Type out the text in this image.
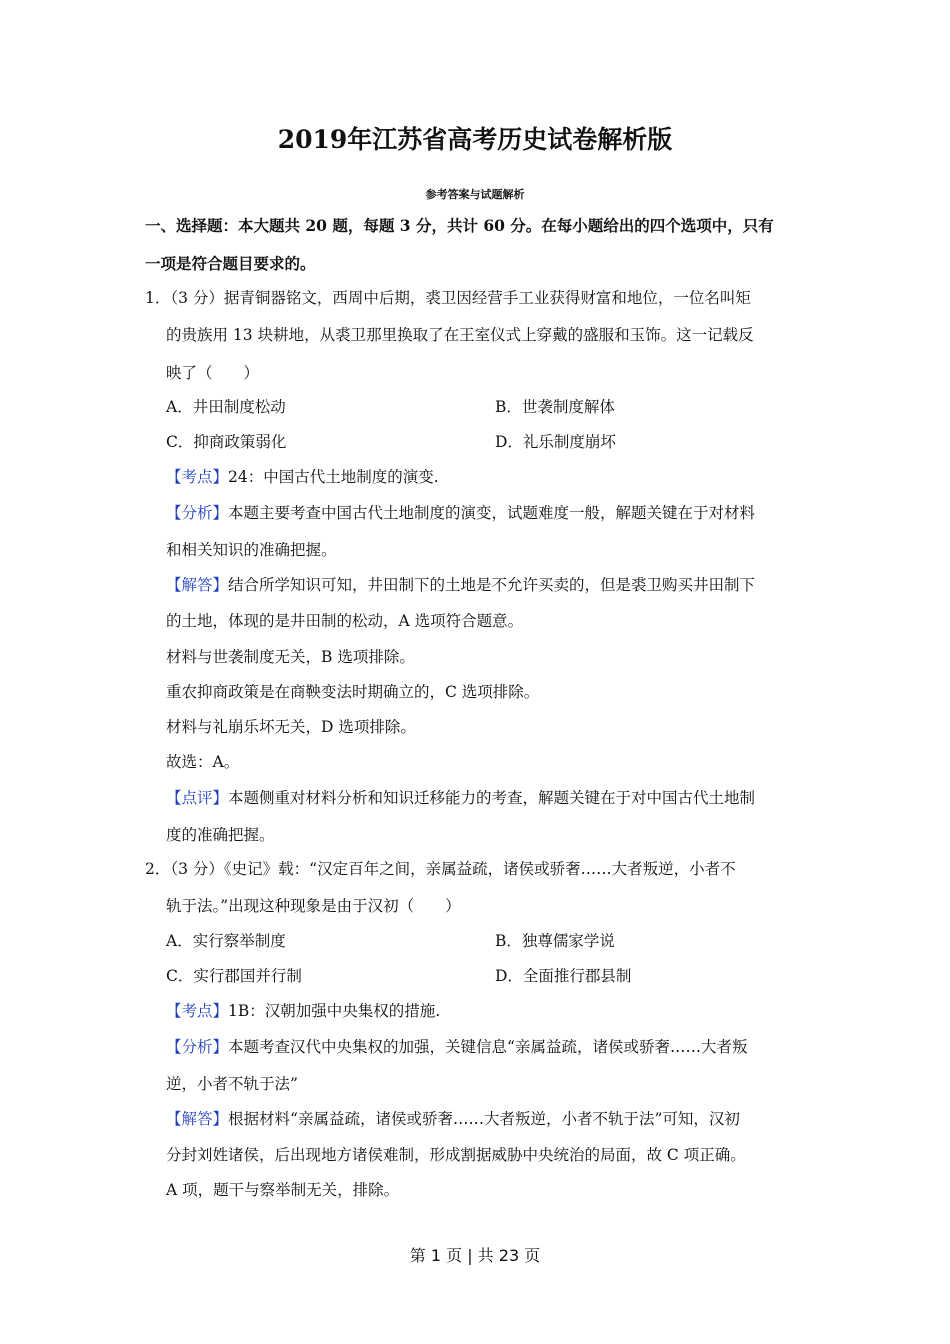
2019年江苏省高考历史试卷解析版
参考答案与试题解析
一、选择题：本大题共 20 题，每题 3 分，共计 60 分。在每小题给出的四个选项中，只有
一项是符合题目要求的。
1．（3 分）据青铜器铭文，西周中后期，裘卫因经营手工业获得财富和地位，一位名叫矩
的贵族用 13 块耕地，从裘卫那里换取了在王室仪式上穿戴的盛服和玉饰。这一记载反
映了（　　）
A．井田制度松动	B．世袭制度解体
C．抑商政策弱化	D．礼乐制度崩坏
【考点】24：中国古代土地制度的演变.
【分析】本题主要考查中国古代土地制度的演变，试题难度一般，解题关键在于对材料
和相关知识的准确把握。
【解答】结合所学知识可知，井田制下的土地是不允许买卖的，但是裘卫购买井田制下
的土地，体现的是井田制的松动，A 选项符合题意。
材料与世袭制度无关，B 选项排除。
重农抑商政策是在商鞅变法时期确立的，C 选项排除。
材料与礼崩乐坏无关，D 选项排除。
故选：A。
【点评】本题侧重对材料分析和知识迁移能力的考查，解题关键在于对中国古代土地制
度的准确把握。
2．（3 分）《史记》载：“汉定百年之间，亲属益疏，诸侯或骄奢……大者叛逆，小者不
轨于法。”出现这种现象是由于汉初（　　）
A．实行察举制度	B．独尊儒家学说
C．实行郡国并行制	D．全面推行郡县制
【考点】1B：汉朝加强中央集权的措施.
【分析】本题考查汉代中央集权的加强，关键信息“亲属益疏，诸侯或骄奢……大者叛
逆，小者不轨于法”
【解答】根据材料“亲属益疏，诸侯或骄奢……大者叛逆，小者不轨于法”可知，汉初
分封刘姓诸侯，后出现地方诸侯难制，形成割据威胁中央统治的局面，故 C 项正确。
A 项，题干与察举制无关，排除。
第 1 页 | 共 23 页
